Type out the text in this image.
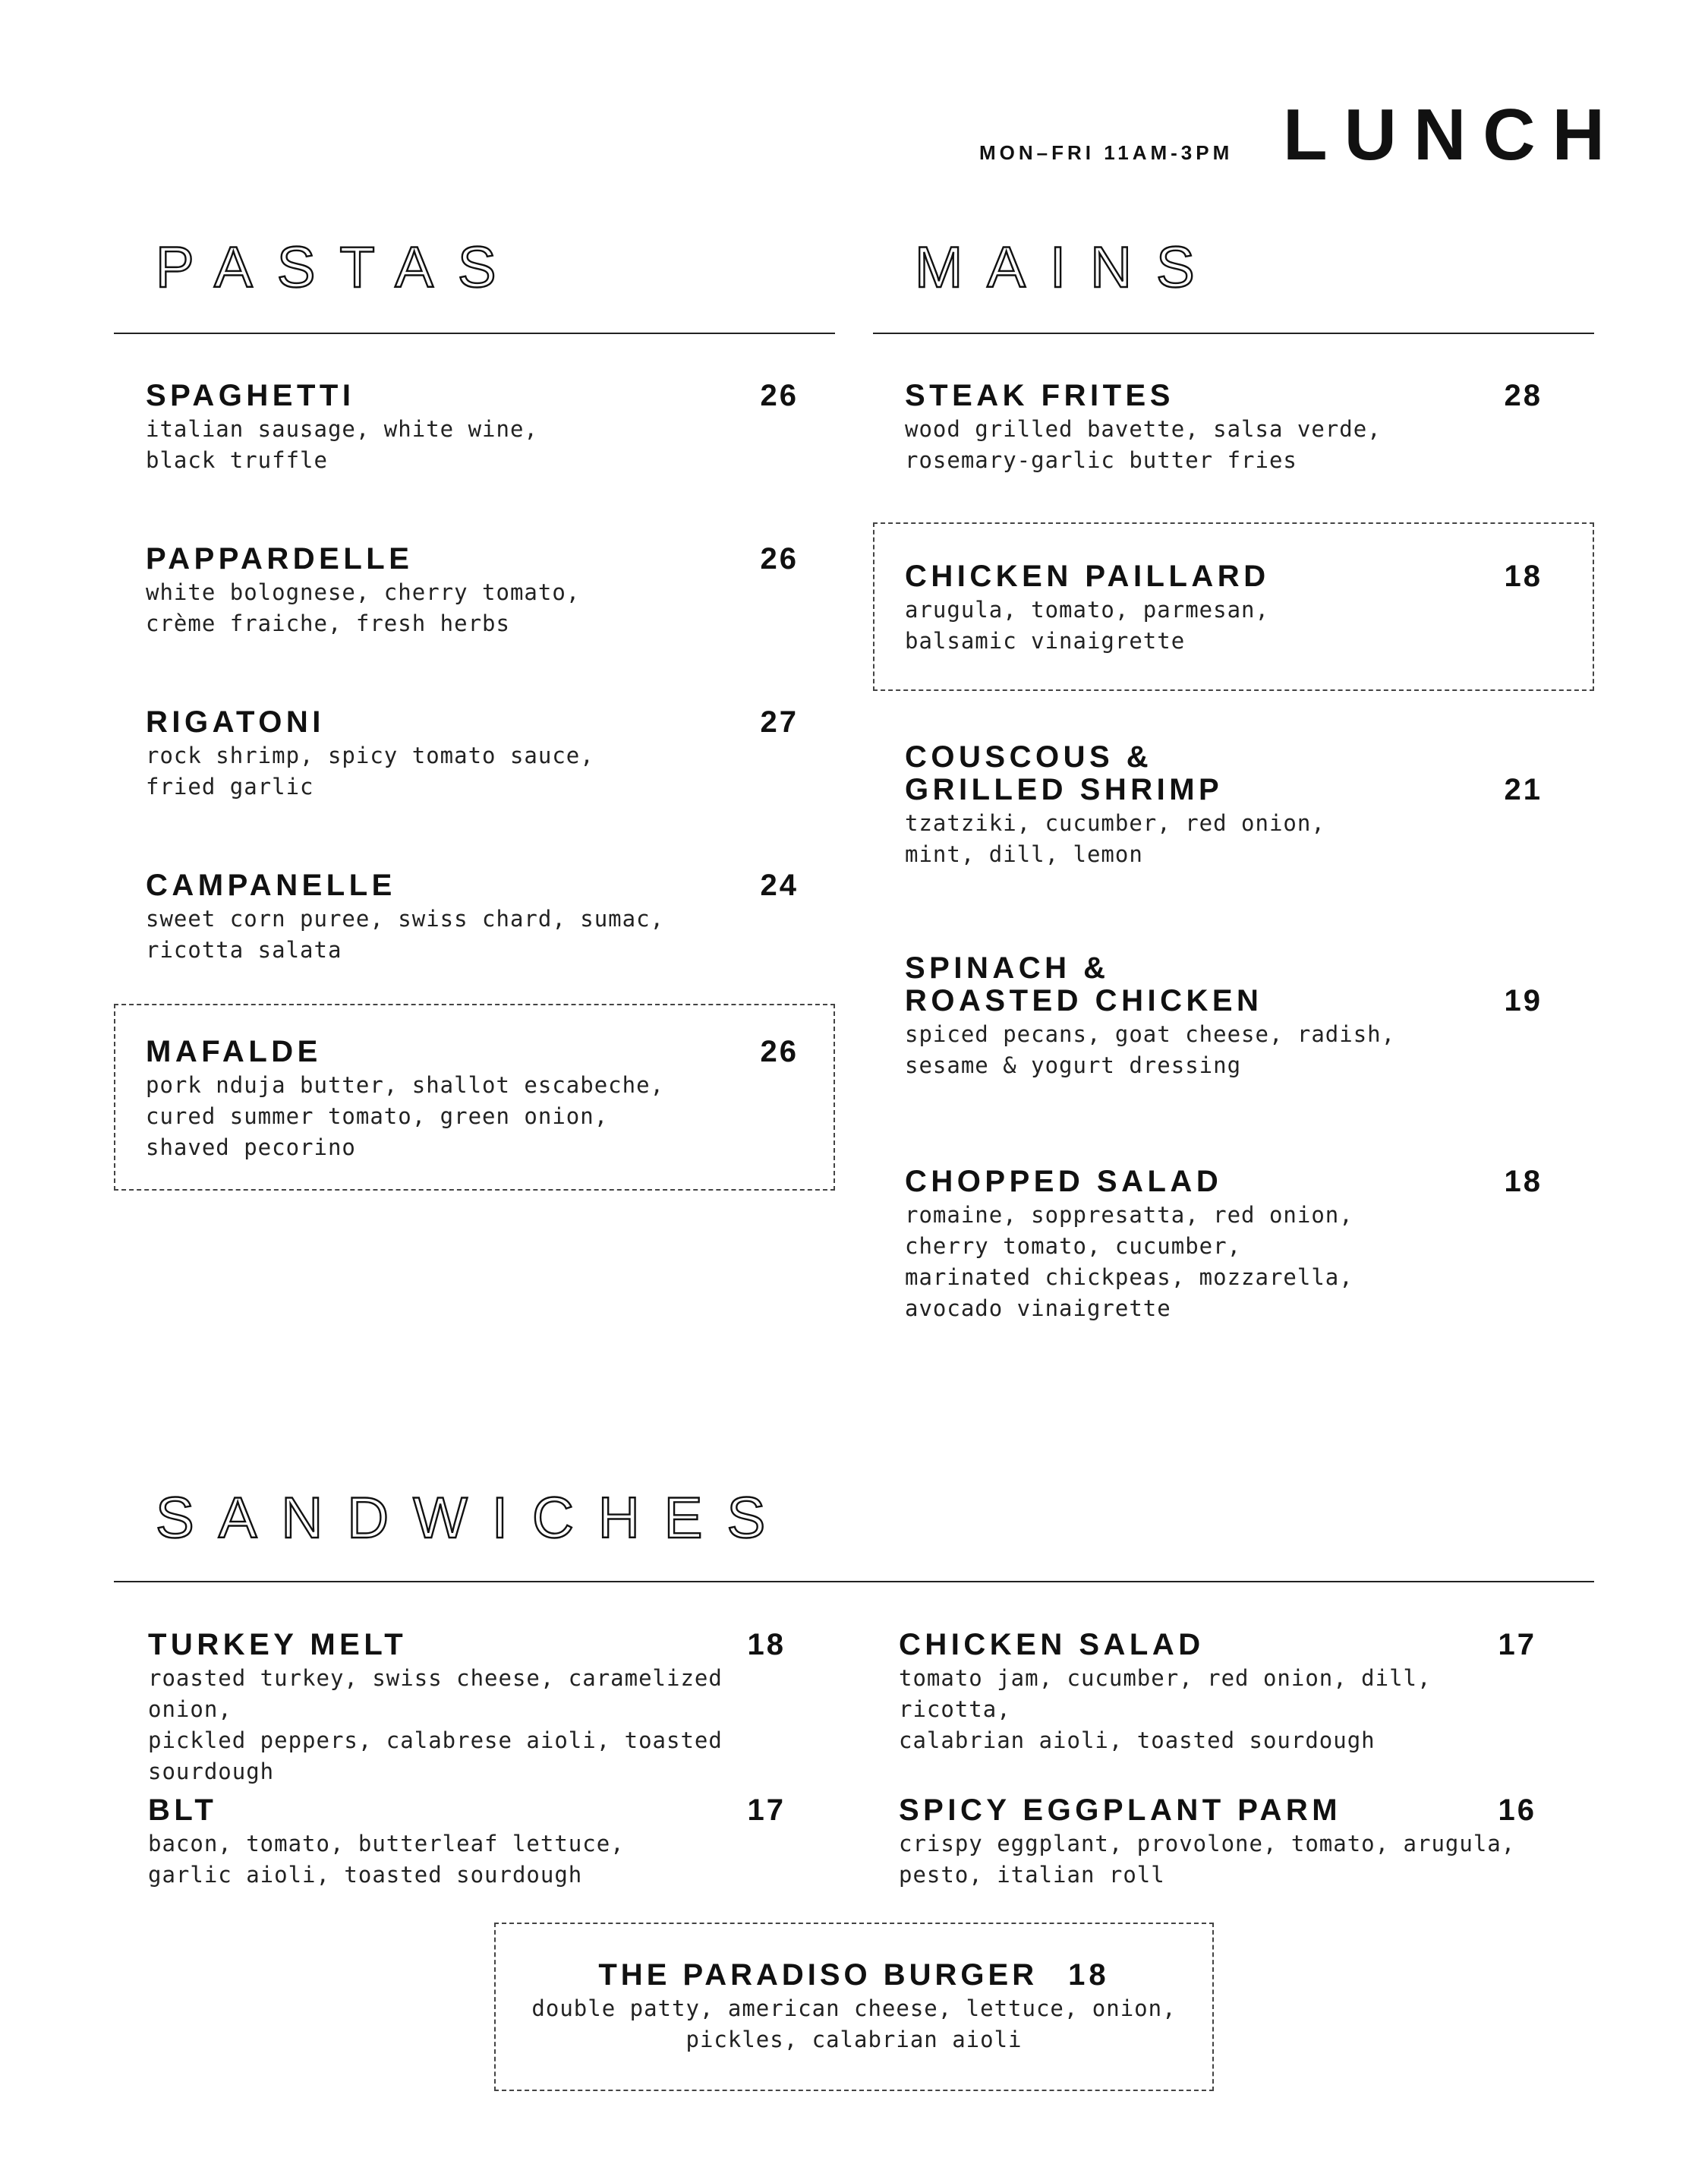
MON–FRI 11AM-3PM LUNCH
PASTAS	MAINS
SPAGHETTI	26
italian sausage, white wine,
black truffle
PAPPARDELLE	26
white bolognese, cherry tomato,
crème fraiche, fresh herbs
RIGATONI	27
rock shrimp, spicy tomato sauce,
fried garlic
CAMPANELLE	24
sweet corn puree, swiss chard, sumac,
ricotta salata
MAFALDE	26
pork nduja butter, shallot escabeche,
cured summer tomato, green onion,
shaved pecorino
STEAK FRITES	28
wood grilled bavette, salsa verde,
rosemary-garlic butter fries
CHICKEN PAILLARD	18
arugula, tomato, parmesan,
balsamic vinaigrette
COUSCOUS &
GRILLED SHRIMP	21
tzatziki, cucumber, red onion,
mint, dill, lemon
SPINACH &
ROASTED CHICKEN	19
spiced pecans, goat cheese, radish,
sesame & yogurt dressing
CHOPPED SALAD	18
romaine, soppresatta, red onion,
cherry tomato, cucumber,
marinated chickpeas, mozzarella,
avocado vinaigrette
SANDWICHES
TURKEY MELT	18
roasted turkey, swiss cheese, caramelized onion,
pickled peppers, calabrese aioli, toasted sourdough
CHICKEN SALAD	17
tomato jam, cucumber, red onion, dill, ricotta,
calabrian aioli, toasted sourdough
BLT	17
bacon, tomato, butterleaf lettuce,
garlic aioli, toasted sourdough
SPICY EGGPLANT PARM	16
crispy eggplant, provolone, tomato, arugula,
pesto, italian roll
THE PARADISO BURGER 18
double patty, american cheese, lettuce, onion,
pickles, calabrian aioli
